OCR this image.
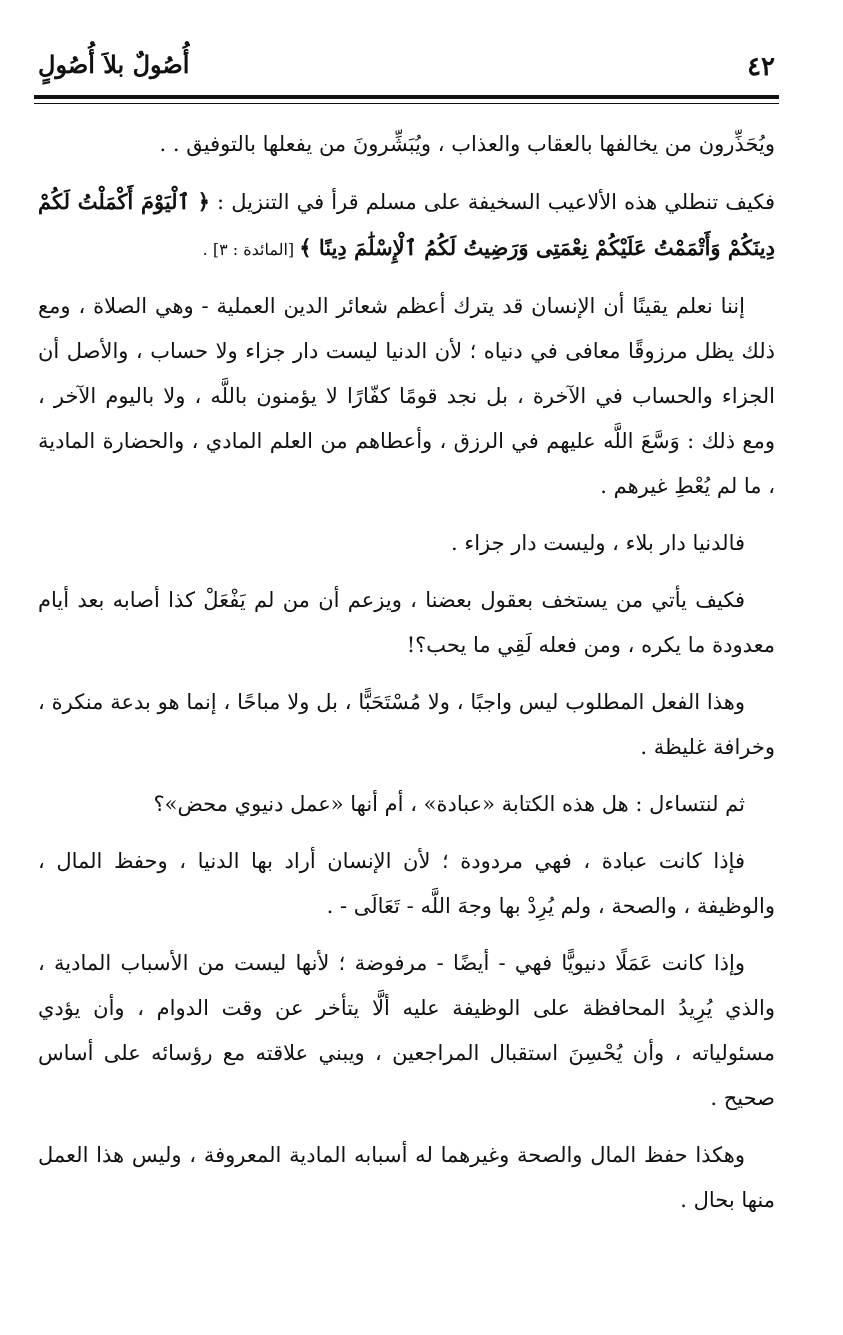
٤٢
أُصُولٌ بلاَ أُصُولٍ

ويُحَذِّرون من يخالفها بالعقاب والعذاب ، ويُبَشِّرونَ من يفعلها بالتوفيق . .

فكيف تنطلي هذه الألاعيب السخيفة على مسلم قرأ في التنزيل : ﴿ ٱلْيَوْمَ أَكْمَلْتُ لَكُمْ دِينَكُمْ وَأَتْمَمْتُ عَلَيْكُمْ نِعْمَتِى وَرَضِيتُ لَكُمُ ٱلْإِسْلَٰمَ دِينًا ﴾ [المائدة : ٣] .

إننا نعلم يقينًا أن الإنسان قد يترك أعظم شعائر الدين العملية - وهي الصلاة ، ومع ذلك يظل مرزوقًا معافى في دنياه ؛ لأن الدنيا ليست دار جزاء ولا حساب ، والأصل أن الجزاء والحساب في الآخرة ، بل نجد قومًا كفّارًا لا يؤمنون باللَّه ، ولا باليوم الآخر ، ومع ذلك : وَسَّعَ اللَّه عليهم في الرزق ، وأعطاهم من العلم المادي ، والحضارة المادية ، ما لم يُعْطِ غيرهم .

فالدنيا دار بلاء ، وليست دار جزاء .

فكيف يأتي من يستخف بعقول بعضنا ، ويزعم أن من لم يَفْعَلْ كذا أصابه بعد أيام معدودة ما يكره ، ومن فعله لَقِي ما يحب؟!

وهذا الفعل المطلوب ليس واجبًا ، ولا مُسْتَحَبًّا ، بل ولا مباحًا ، إنما هو بدعة منكرة ، وخرافة غليظة .

ثم لنتساءل : هل هذه الكتابة «عبادة» ، أم أنها «عمل دنيوي محض»؟

فإذا كانت عبادة ، فهي مردودة ؛ لأن الإنسان أراد بها الدنيا ، وحفظ المال ، والوظيفة ، والصحة ، ولم يُرِدْ بها وجهَ اللَّه - تَعَالَى - .

وإذا كانت عَمَلًا دنيويًّا فهي - أيضًا - مرفوضة ؛ لأنها ليست من الأسباب المادية ، والذي يُرِيدُ المحافظة على الوظيفة عليه ألَّا يتأخر عن وقت الدوام ، وأن يؤدي مسئولياته ، وأن يُحْسِنَ استقبال المراجعين ، ويبني علاقته مع رؤسائه على أساس صحيح .

وهكذا حفظ المال والصحة وغيرهما له أسبابه المادية المعروفة ، وليس هذا العمل منها بحال .
